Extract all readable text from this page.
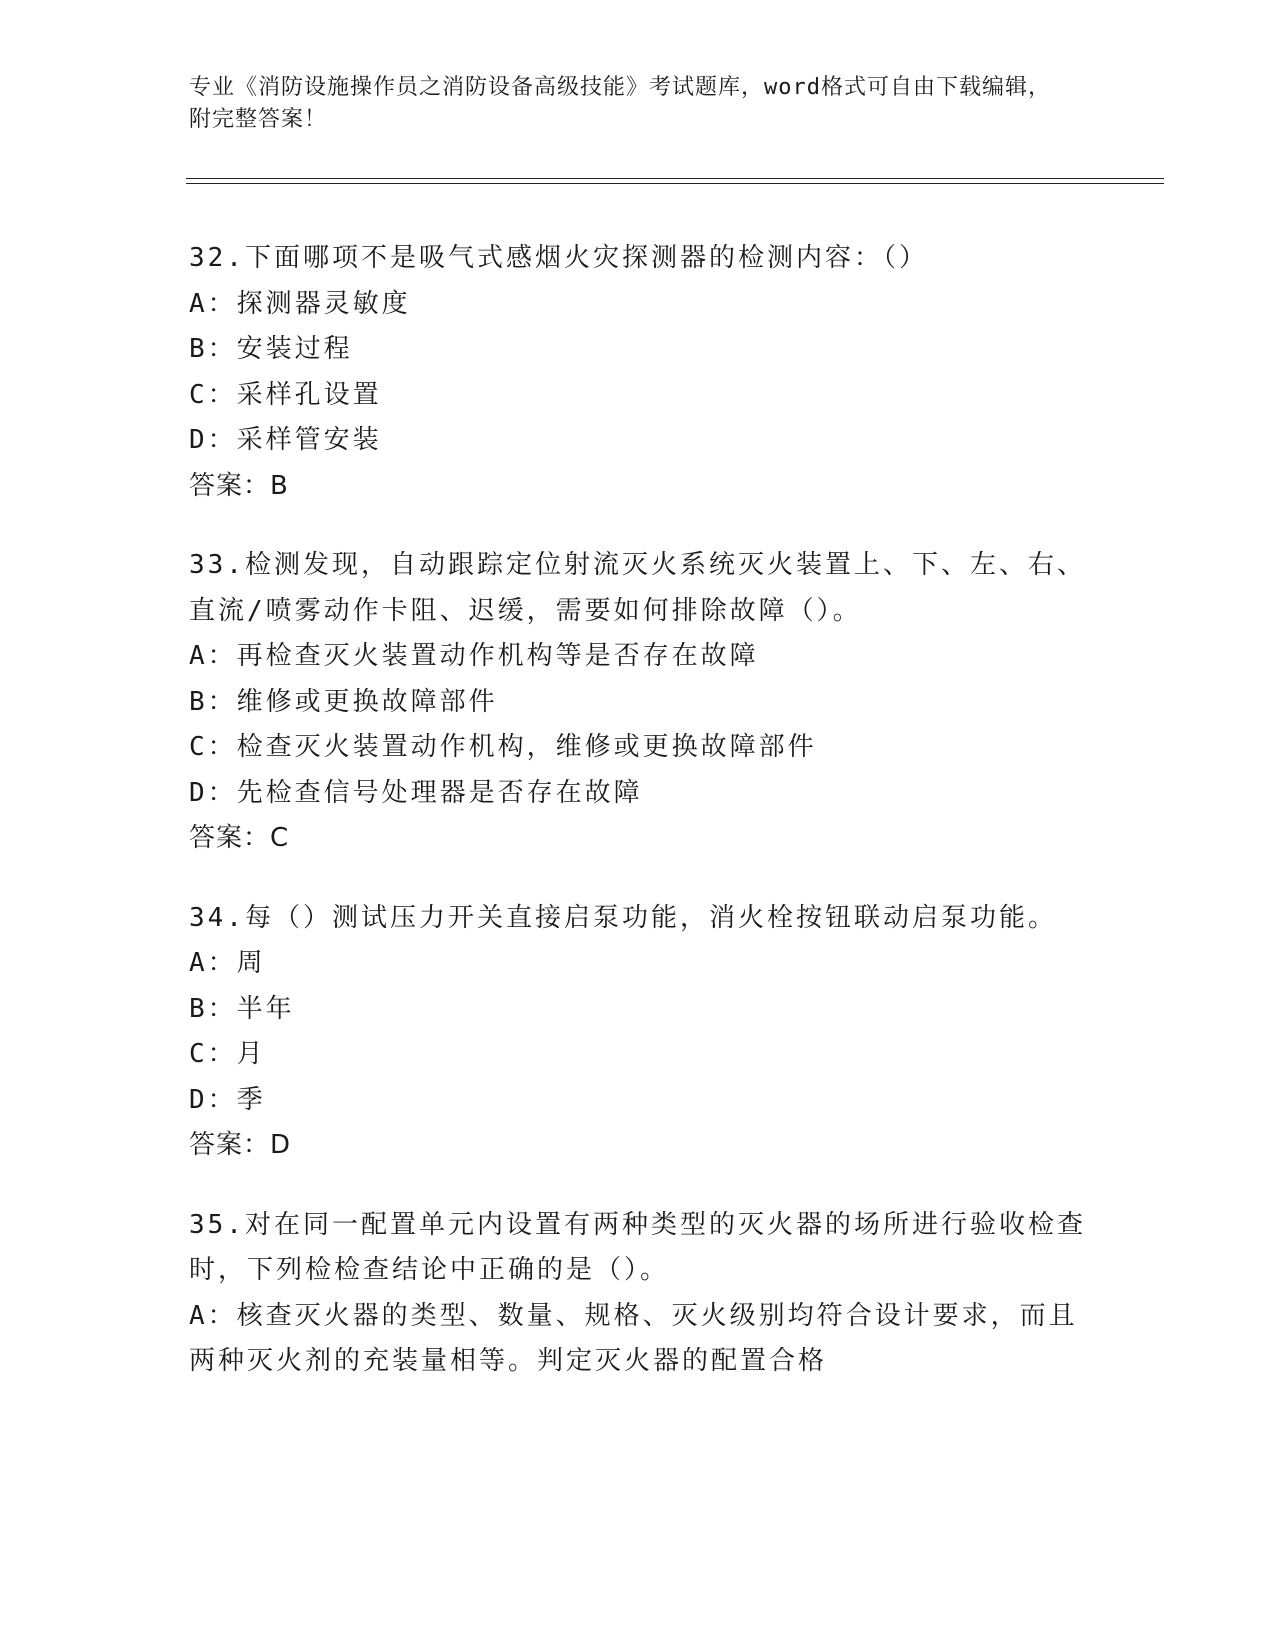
专业《消防设施操作员之消防设备高级技能》考试题库，word格式可自由下载编辑，附完整答案！
32.下面哪项不是吸气式感烟火灾探测器的检测内容：（）
A：探测器灵敏度
B：安装过程
C：采样孔设置
D：采样管安装
答案：B
33.检测发现，自动跟踪定位射流灭火系统灭火装置上、下、左、右、直流/喷雾动作卡阻、迟缓，需要如何排除故障（）。
A：再检查灭火装置动作机构等是否存在故障
B：维修或更换故障部件
C：检查灭火装置动作机构，维修或更换故障部件
D：先检查信号处理器是否存在故障
答案：C
34.每（）测试压力开关直接启泵功能，消火栓按钮联动启泵功能。
A：周
B：半年
C：月
D：季
答案：D
35.对在同一配置单元内设置有两种类型的灭火器的场所进行验收检查时，下列检检查结论中正确的是（）。
A：核查灭火器的类型、数量、规格、灭火级别均符合设计要求，而且两种灭火剂的充装量相等。判定灭火器的配置合格
